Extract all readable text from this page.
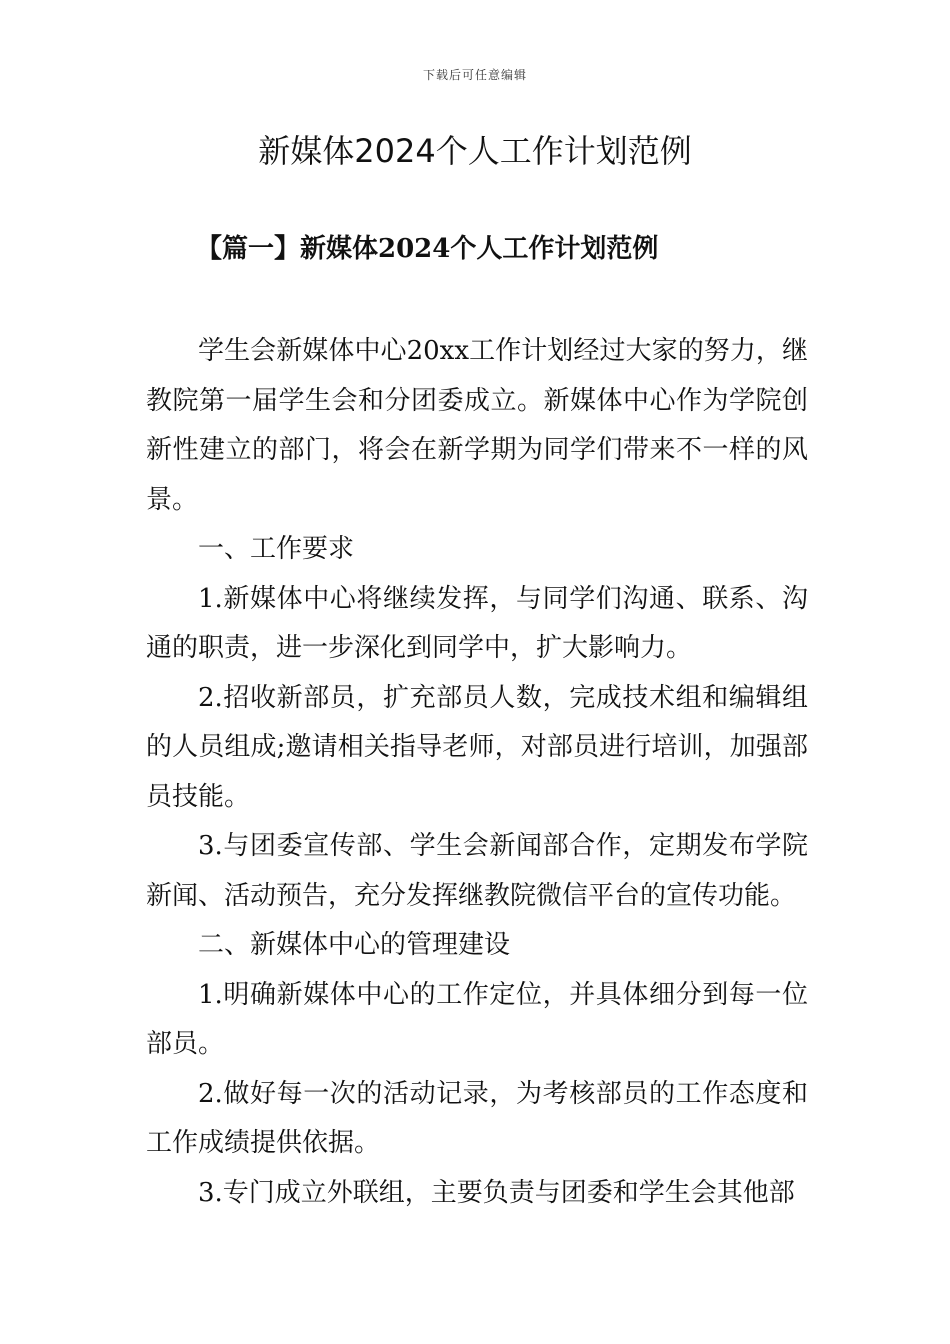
下载后可任意编辑
新媒体2024个人工作计划范例
【篇一】新媒体2024个人工作计划范例

学生会新媒体中心20xx工作计划经过大家的努力，继教院第一届学生会和分团委成立。新媒体中心作为学院创新性建立的部门，将会在新学期为同学们带来不一样的风景。

一、工作要求

1.新媒体中心将继续发挥，与同学们沟通、联系、沟通的职责，进一步深化到同学中，扩大影响力。

2.招收新部员，扩充部员人数，完成技术组和编辑组的人员组成;邀请相关指导老师，对部员进行培训，加强部员技能。

3.与团委宣传部、学生会新闻部合作，定期发布学院新闻、活动预告，充分发挥继教院微信平台的宣传功能。

二、新媒体中心的管理建设

1.明确新媒体中心的工作定位，并具体细分到每一位部员。

2.做好每一次的活动记录，为考核部员的工作态度和工作成绩提供依据。

3.专门成立外联组，主要负责与团委和学生会其他部
